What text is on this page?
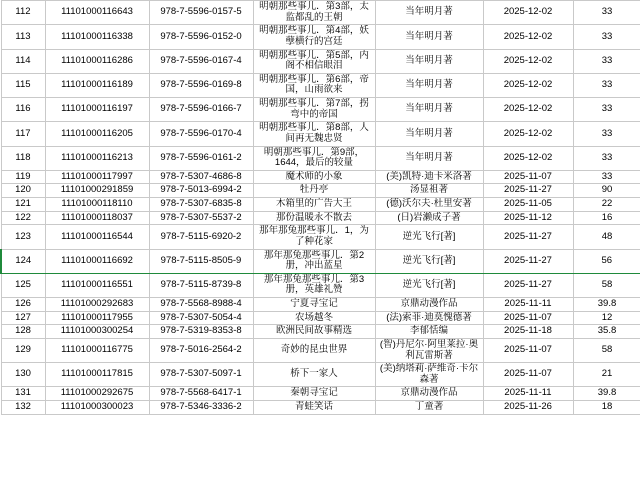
112	11101000116643	978-7-5596-0157-5	明朝那些事儿．第3部，太监都乱的王朝	当年明月著	2025-12-02	33
113	11101000116338	978-7-5596-0152-0	明朝那些事儿．第4部，妖孽横行的宫廷	当年明月著	2025-12-02	33
114	11101000116286	978-7-5596-0167-4	明朝那些事儿．第5部，内阁不相信眼泪	当年明月著	2025-12-02	33
115	11101000116189	978-7-5596-0169-8	明朝那些事儿．第6部，帝国，山雨欲来	当年明月著	2025-12-02	33
116	11101000116197	978-7-5596-0166-7	明朝那些事儿．第7部，拐弯中的帝国	当年明月著	2025-12-02	33
117	11101000116205	978-7-5596-0170-4	明朝那些事儿．第8部，人间再无魏忠贤	当年明月著	2025-12-02	33
118	11101000116213	978-7-5596-0161-2	明朝那些事儿．第9部，1644，最后的较量	当年明月著	2025-12-02	33
119	11101000117997	978-7-5307-4686-8	魔术师的小象	(美)凯特·迪卡米洛著	2025-11-07	33
120	11101000291859	978-7-5013-6994-2	牡丹亭	汤显祖著	2025-11-27	90
121	11101000118110	978-7-5307-6835-8	木箱里的广告大王	(德)沃尔夫·杜里安著	2025-11-05	22
122	11101000118037	978-7-5307-5537-2	那份温暖永不散去	(日)岩濑成子著	2025-11-12	16
123	11101000116544	978-7-5115-6920-2	那年那兔那些事儿．1，为了种花家	逆光飞行[著]	2025-11-27	48
124	11101000116692	978-7-5115-8505-9	那年那兔那些事儿．第2册，冲出蓝星	逆光飞行[著]	2025-11-27	56
125	11101000116551	978-7-5115-8739-8	那年那兔那些事儿．第3册，英雄礼赞	逆光飞行[著]	2025-11-27	58
126	11101000292683	978-7-5568-8988-4	宁夏寻宝记	京鼎动漫作品	2025-11-11	39.8
127	11101000117955	978-7-5307-5054-4	农场越冬	(法)索菲·迪莫愧德著	2025-11-07	12
128	11101000300254	978-7-5319-8353-8	欧洲民间故事精选	李郁恬编	2025-11-18	35.8
129	11101000116775	978-7-5016-2564-2	奇妙的昆虫世界	(智)丹尼尔·阿里莱拉·奥利瓦雷斯著	2025-11-07	58
130	11101000117815	978-7-5307-5097-1	桥下一家人	(美)纳塔莉·萨维奇·卡尔森著	2025-11-07	21
131	11101000292675	978-7-5568-6417-1	秦朝寻宝记	京鼎动漫作品	2025-11-11	39.8
132	11101000300023	978-7-5346-3336-2	青蛙笑话	丁童著	2025-11-26	18
